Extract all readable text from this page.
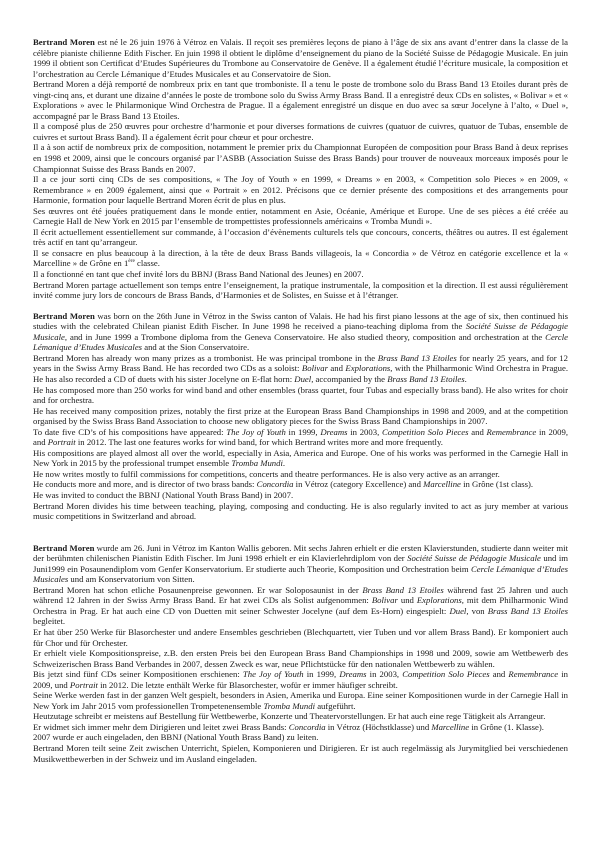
Bertrand Moren est né le 26 juin 1976 à Vétroz en Valais. Il reçoit ses premières leçons de piano à l’âge de six ans avant d’entrer dans la classe de la célèbre pianiste chilienne Edith Fischer. En juin 1998 il obtient le diplôme d’enseignement du piano de la Société Suisse de Pédagogie Musicale. En juin 1999 il obtient son Certificat d’Etudes Supérieures du Trombone au Conservatoire de Genève. Il a également étudié l’écriture musicale, la composition et l’orchestration au Cercle Lémanique d’Etudes Musicales et au Conservatoire de Sion.

Bertrand Moren a déjà remporté de nombreux prix en tant que tromboniste. Il a tenu le poste de trombone solo du Brass Band 13 Etoiles durant près de vingt-cinq ans, et durant une dizaine d’années le poste de trombone solo du Swiss Army Brass Band. Il a enregistré deux CDs en solistes, « Bolivar » et « Explorations » avec le Philarmonique Wind Orchestra de Prague. Il a également enregistré un disque en duo avec sa sœur Jocelyne à l’alto, « Duel », accompagné par le Brass Band 13 Etoiles.

Il a composé plus de 250 œuvres pour orchestre d’harmonie et pour diverses formations de cuivres (quatuor de cuivres, quatuor de Tubas, ensemble de cuivres et surtout Brass Band). Il a également écrit pour chœur et pour orchestre.

Il a à son actif de nombreux prix de composition, notamment le premier prix du Championnat Européen de composition pour Brass Band à deux reprises en 1998 et 2009, ainsi que le concours organisé par l’ASBB (Association Suisse des Brass Bands) pour trouver de nouveaux morceaux imposés pour le Championnat Suisse des Brass Bands en 2007.

Il a ce jour sorti cinq CDs de ses compositions, « The Joy of Youth » en 1999, « Dreams » en 2003, « Competition solo Pieces » en 2009, « Remembrance » en 2009 également, ainsi que « Portrait » en 2012. Précisons que ce dernier présente des compositions et des arrangements pour Harmonie, formation pour laquelle Bertrand Moren écrit de plus en plus.

Ses œuvres ont été jouées pratiquement dans le monde entier, notamment en Asie, Océanie, Amérique et Europe. Une de ses pièces a été créée au Carnegie Hall de New York en 2015 par l’ensemble de trompettistes professionnels américains « Tromba Mundi ».

Il écrit actuellement essentiellement sur commande, à l’occasion d’évènements culturels tels que concours, concerts, théâtres ou autres. Il est également très actif en tant qu’arrangeur.

Il se consacre en plus beaucoup à la direction, à la tête de deux Brass Bands villageois, la « Concordia » de Vétroz en catégorie excellence et la « Marcelline » de Grône en 1ère classe.

Il a fonctionné en tant que chef invité lors du BBNJ (Brass Band National des Jeunes) en 2007.

Bertrand Moren partage actuellement son temps entre l’enseignement, la pratique instrumentale, la composition et la direction. Il est aussi régulièrement invité comme jury lors de concours de Brass Bands, d’Harmonies et de Solistes, en Suisse et à l’étranger.

Bertrand Moren was born on the 26th June in Vétroz in the Swiss canton of Valais. He had his first piano lessons at the age of six, then continued his studies with the celebrated Chilean pianist Edith Fischer. In June 1998 he received a piano-teaching diploma from the Société Suisse de Pédagogie Musicale, and in June 1999 a Trombone diploma from the Geneva Conservatoire. He also studied theory, composition and orchestration at the Cercle Lémanique d’Etudes Musicales and at the Sion Conservatoire.

Bertrand Moren has already won many prizes as a trombonist. He was principal trombone in the Brass Band 13 Etoiles for nearly 25 years, and for 12 years in the Swiss Army Brass Band. He has recorded two CDs as a soloist: Bolivar and Explorations, with the Philharmonic Wind Orchestra in Prague. He has also recorded a CD of duets with his sister Jocelyne on E-flat horn: Duel, accompanied by the Brass Band 13 Etoiles.

He has composed more than 250 works for wind band and other ensembles (brass quartet, four Tubas and especially brass band). He also writes for choir and for orchestra.

He has received many composition prizes, notably the first prize at the European Brass Band Championships in 1998 and 2009, and at the competition organised by the Swiss Brass Band Association to choose new obligatory pieces for the Swiss Brass Band Championships in 2007.

To date five CD’s of his compositions have appeared: The Joy of Youth in 1999, Dreams in 2003, Competition Solo Pieces and Remembrance in 2009, and Portrait in 2012. The last one features works for wind band, for which Bertrand writes more and more frequently.

His compositions are played almost all over the world, especially in Asia, America and Europe. One of his works was performed in the Carnegie Hall in New York in 2015 by the professional trumpet ensemble Tromba Mundi.

He now writes mostly to fulfil commissions for competitions, concerts and theatre performances. He is also very active as an arranger.

He conducts more and more, and is director of two brass bands: Concordia in Vétroz (category Excellence) and Marcelline in Grône (1st class).

He was invited to conduct the BBNJ (National Youth Brass Band) in 2007.

Bertrand Moren divides his time between teaching, playing, composing and conducting. He is also regularly invited to act as jury member at various music competitions in Switzerland and abroad.

Bertrand Moren wurde am 26. Juni in Vétroz im Kanton Wallis geboren. Mit sechs Jahren erhielt er die ersten Klavierstunden, studierte dann weiter mit der berühmten chilenischen Pianistin Edith Fischer. Im Juni 1998 erhielt er ein Klavierlehrdiplom von der Société Suisse de Pédagogie Musicale und im Juni1999 ein Posaunendiplom vom Genfer Konservatorium. Er studierte auch Theorie, Komposition und Orchestration beim Cercle Lémanique d’Etudes Musicales und am Konservatorium von Sitten.

Bertrand Moren hat schon etliche Posaunenpreise gewonnen. Er war Soloposaunist in der Brass Band 13 Etoiles während fast 25 Jahren und auch während 12 Jahren in der Swiss Army Brass Band. Er hat zwei CDs als Solist aufgenommen: Bolivar und Explorations, mit dem Philharmonic Wind Orchestra in Prag. Er hat auch eine CD von Duetten mit seiner Schwester Jocelyne (auf dem Es-Horn) eingespielt: Duel, von Brass Band 13 Etoiles begleitet.

Er hat über 250 Werke für Blasorchester und andere Ensembles geschrieben (Blechquartett, vier Tuben und vor allem Brass Band). Er komponiert auch für Chor und für Orchester.

Er erhielt viele Kompositionspreise, z.B. den ersten Preis bei den European Brass Band Championships in 1998 und 2009, sowie am Wettbewerb des Schweizerischen Brass Band Verbandes in 2007, dessen Zweck es war, neue Pflichtstücke für den nationalen Wettbewerb zu wählen.

Bis jetzt sind fünf CDs seiner Kompositionen erschienen: The Joy of Youth in 1999, Dreams in 2003, Competition Solo Pieces and Remembrance in 2009, und Portrait in 2012. Die letzte enthält Werke für Blasorchester, wofür er immer häufiger schreibt.

Seine Werke werden fast in der ganzen Welt gespielt, besonders in Asien, Amerika und Europa. Eine seiner Kompositionen wurde in der Carnegie Hall in New York im Jahr 2015 vom professionellen Trompetenensemble Tromba Mundi aufgeführt.

Heutzutage schreibt er meistens auf Bestellung für Wettbewerbe, Konzerte und Theatervorstellungen. Er hat auch eine rege Tätigkeit als Arrangeur.

Er widmet sich immer mehr dem Dirigieren und leitet zwei Brass Bands: Concordia in Vétroz (Höchstklasse) und Marcelline in Grône (1. Klasse).

2007 wurde er auch eingeladen, den BBNJ (National Youth Brass Band) zu leiten.

Bertrand Moren teilt seine Zeit zwischen Unterricht, Spielen, Komponieren und Dirigieren. Er ist auch regelmässig als Jurymitglied bei verschiedenen Musikwettbewerben in der Schweiz und im Ausland eingeladen.
